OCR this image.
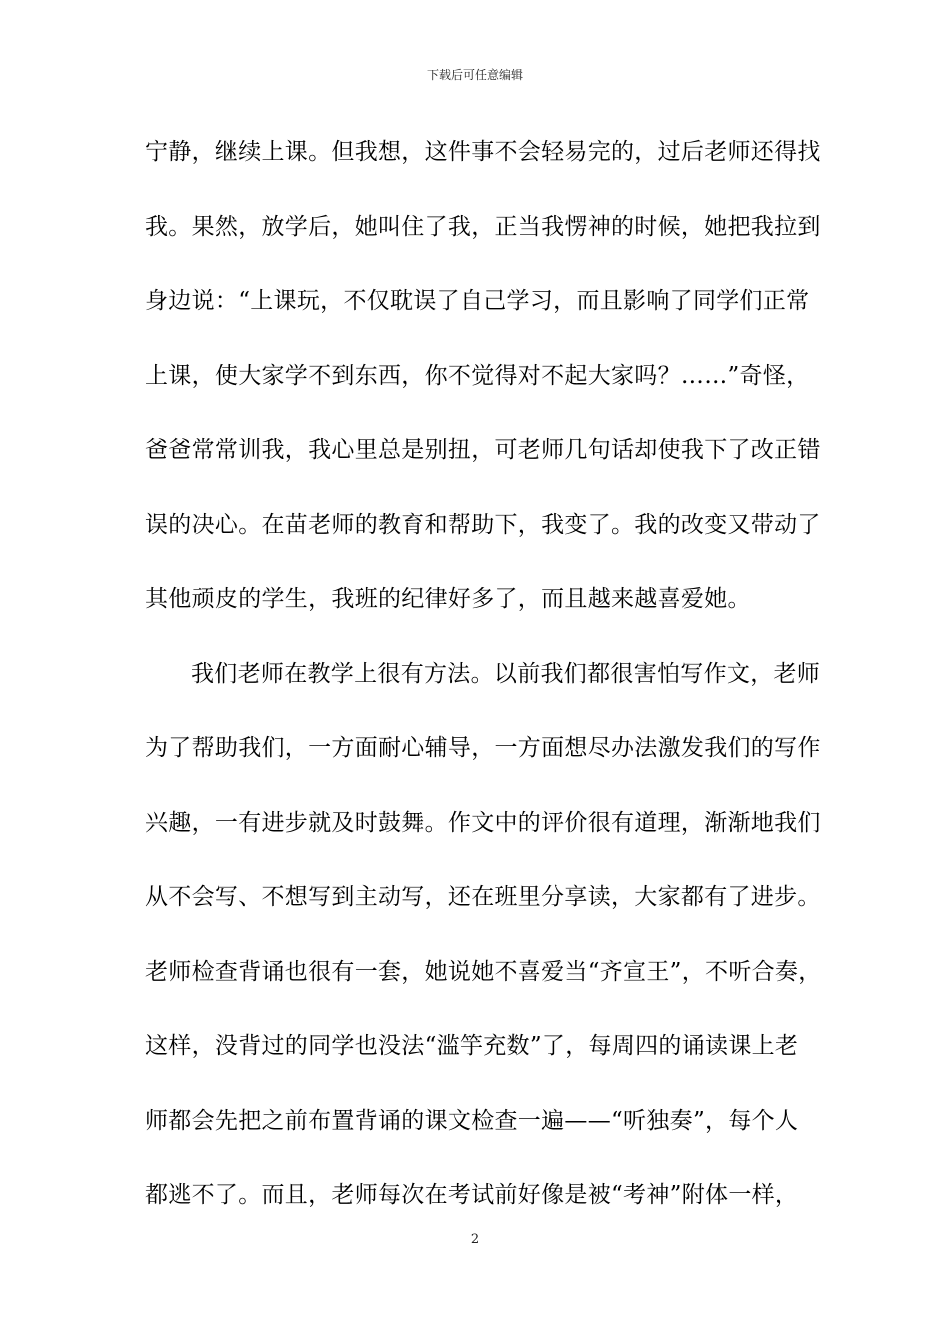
下载后可任意编辑
宁静，继续上课。但我想，这件事不会轻易完的，过后老师还得找
我。果然，放学后，她叫住了我，正当我愣神的时候，她把我拉到
身边说：“上课玩，不仅耽误了自己学习，而且影响了同学们正常
上课，使大家学不到东西，你不觉得对不起大家吗？……”奇怪，
爸爸常常训我，我心里总是别扭，可老师几句话却使我下了改正错
误的决心。在苗老师的教育和帮助下，我变了。我的改变又带动了
其他顽皮的学生，我班的纪律好多了，而且越来越喜爱她。
我们老师在教学上很有方法。以前我们都很害怕写作文，老师
为了帮助我们，一方面耐心辅导，一方面想尽办法激发我们的写作
兴趣，一有进步就及时鼓舞。作文中的评价很有道理，渐渐地我们
从不会写、不想写到主动写，还在班里分享读，大家都有了进步。
老师检查背诵也很有一套，她说她不喜爱当“齐宣王”，不听合奏，
这样，没背过的同学也没法“滥竽充数”了，每周四的诵读课上老
师都会先把之前布置背诵的课文检查一遍——“听独奏”，每个人
都逃不了。而且，老师每次在考试前好像是被“考神”附体一样，
2
